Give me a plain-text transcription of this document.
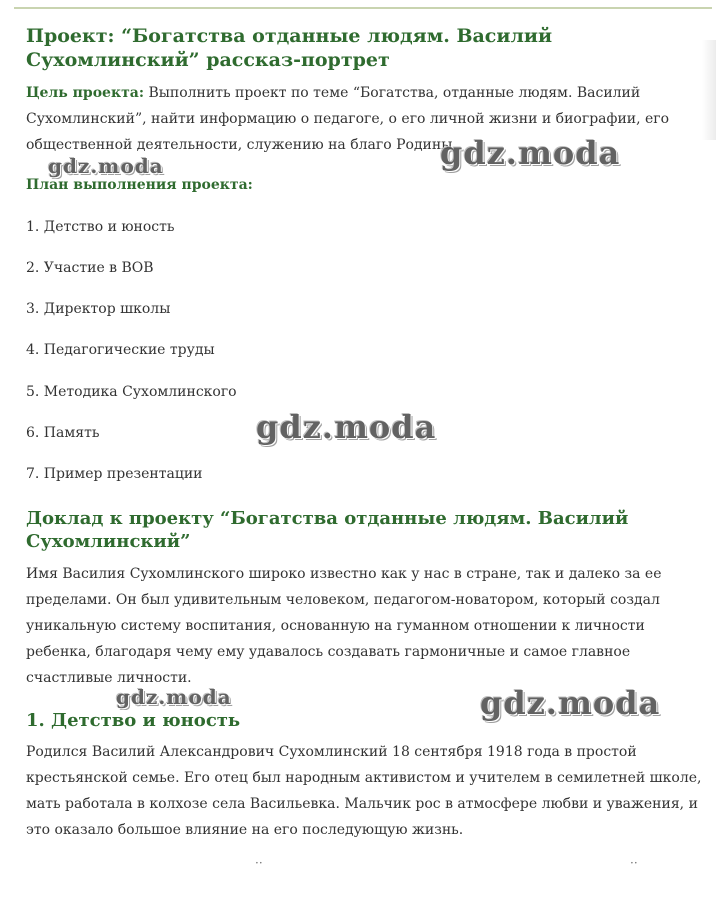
Проект: “Богатства отданные людям. Василий Сухомлинский” рассказ-портрет

Цель проекта: Выполнить проект по теме “Богатства, отданные людям. Василий Сухомлинский”, найти информацию о педагоге, о его личной жизни и биографии, его общественной деятельности, служению на благо Родины

План выполнения проекта:
1. Детство и юность
2. Участие в ВОВ
3. Директор школы
4. Педагогические труды
5. Методика Сухомлинского
6. Память
7. Пример презентации
Доклад к проекту “Богатства отданные людям. Василий Сухомлинский”

Имя Василия Сухомлинского широко известно как у нас в стране, так и далеко за ее пределами. Он был удивительным человеком, педагогом-новатором, который создал уникальную систему воспитания, основанную на гуманном отношении к личности ребенка, благодаря чему ему удавалось создавать гармоничные и самое главное счастливые личности.

1. Детство и юность

Родился Василий Александрович Сухомлинский 18 сентября 1918 года в простой крестьянской семье. Его отец был народным активистом и учителем в семилетней школе, мать работала в колхозе села Васильевка. Мальчик рос в атмосфере любви и уважения, и это оказало большое влияние на его последующую жизнь.

gdz.moda	gdz.moda
gdz.moda
gdz.moda	gdz.moda
··	··
